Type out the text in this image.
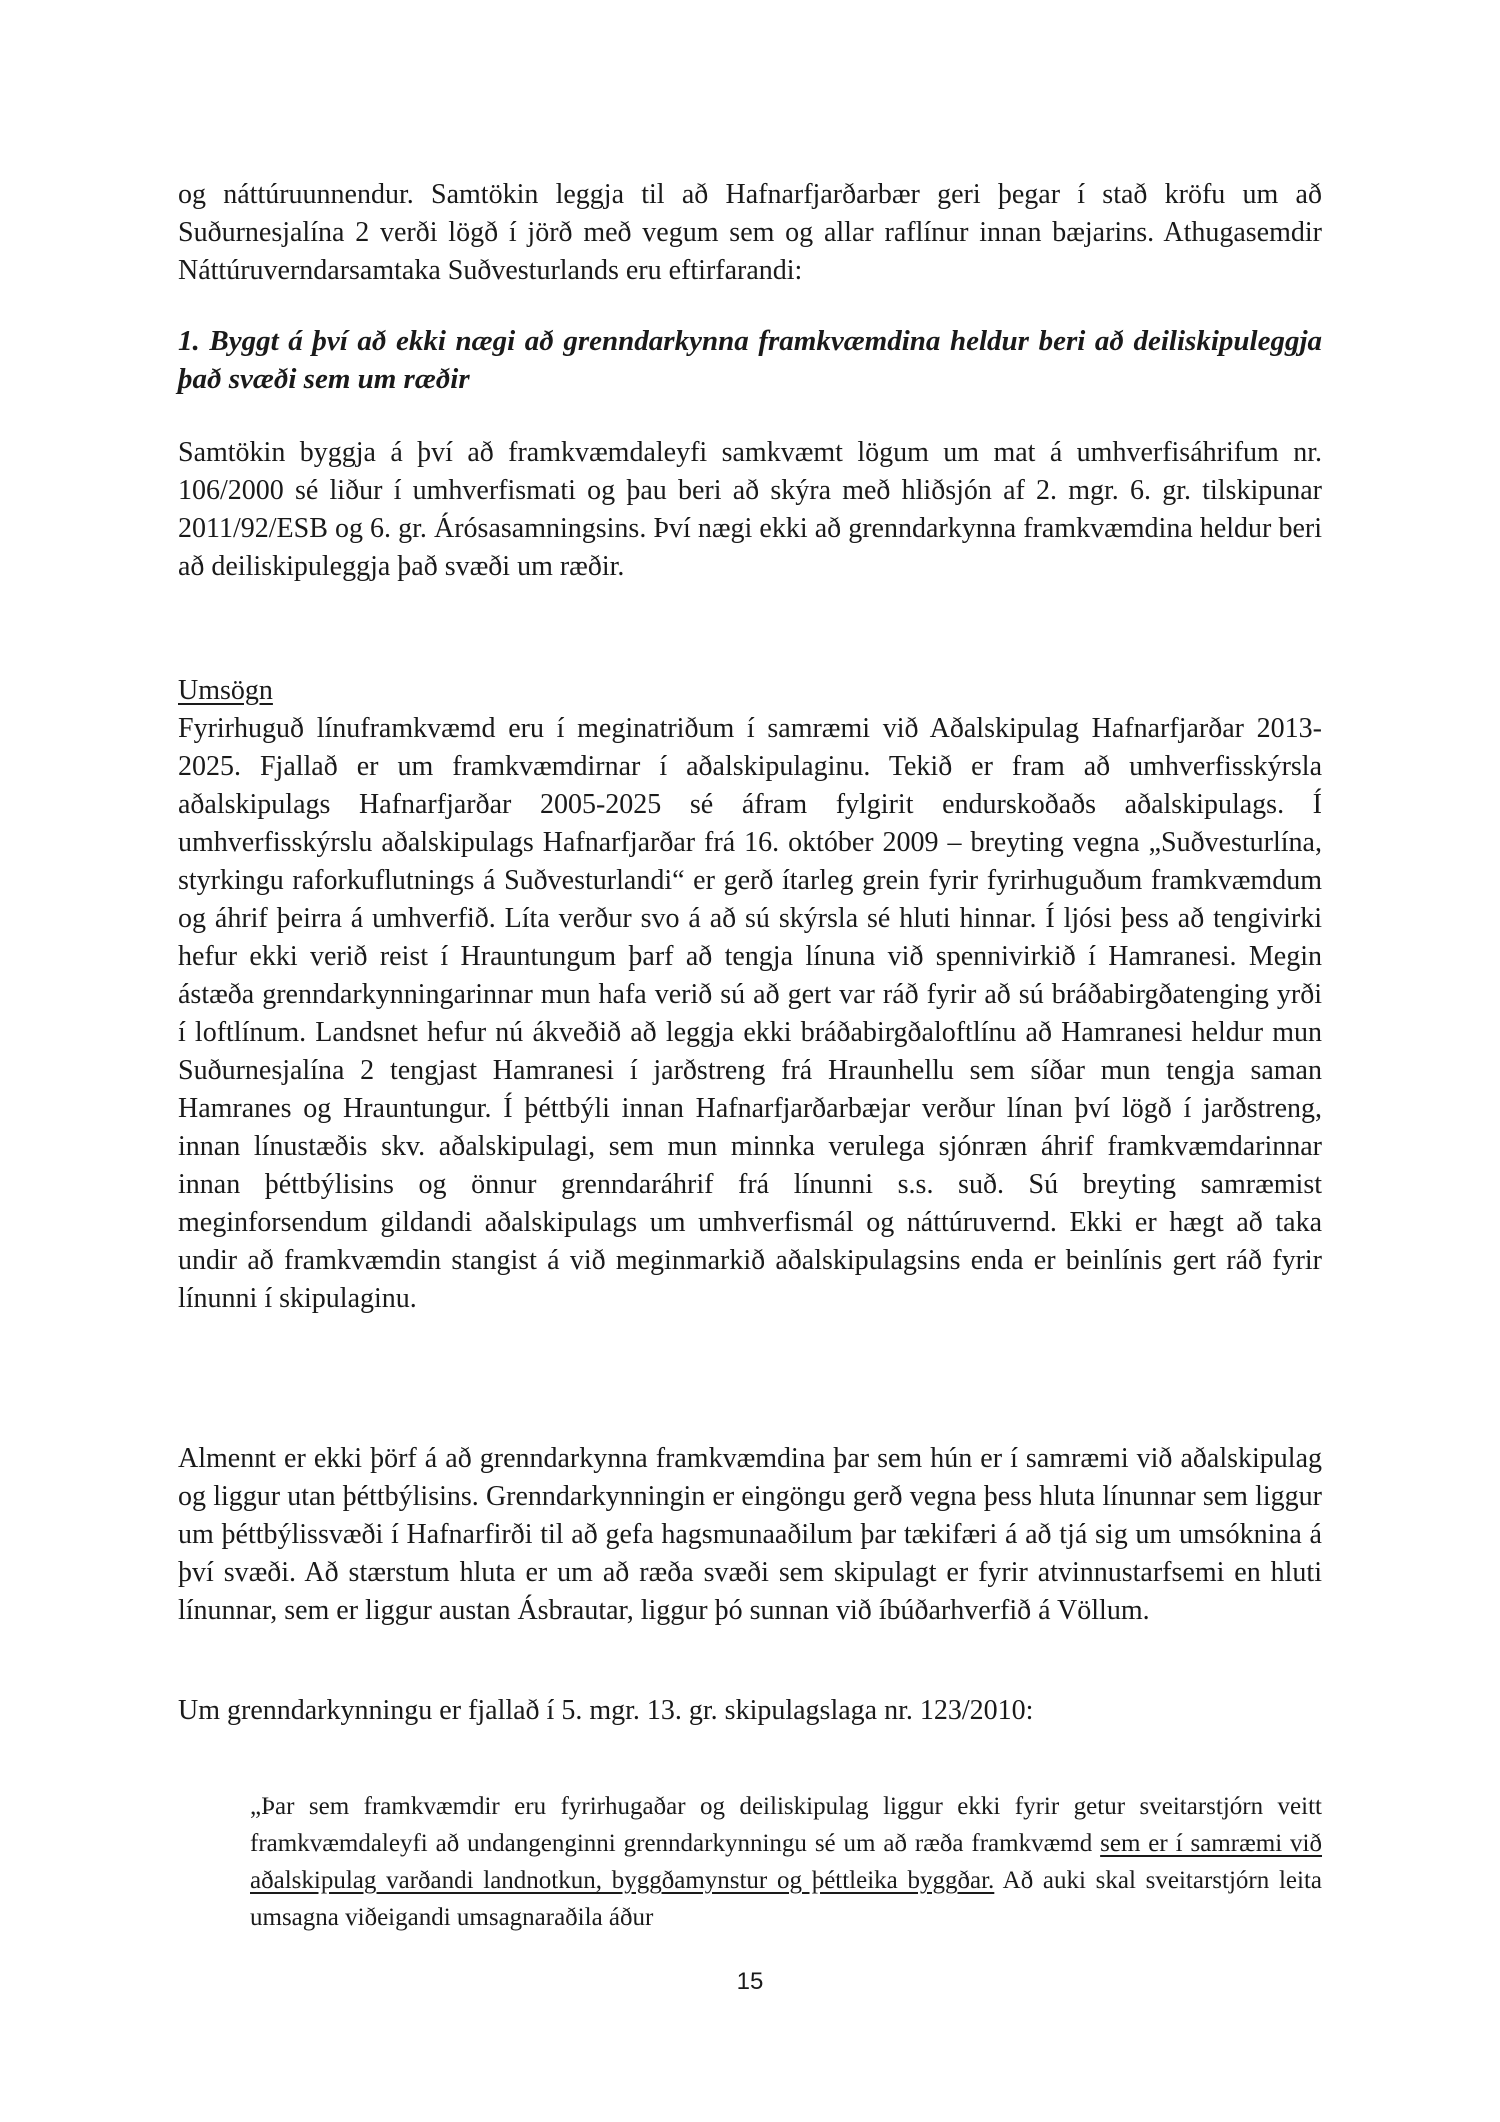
og náttúruunnendur. Samtökin leggja til að Hafnarfjarðarbær geri þegar í stað kröfu um að Suðurnesjalína 2 verði lögð í jörð með vegum sem og allar raflínur innan bæjarins. Athugasemdir Náttúruverndarsamtaka Suðvesturlands eru eftirfarandi:

1. Byggt á því að ekki nægi að grenndarkynna framkvæmdina heldur beri að deiliskipuleggja það svæði sem um ræðir

Samtökin byggja á því að framkvæmdaleyfi samkvæmt lögum um mat á umhverfisáhrifum nr. 106/2000 sé liður í umhverfismati og þau beri að skýra með hliðsjón af 2. mgr. 6. gr. tilskipunar 2011/92/ESB og 6. gr. Árósasamningsins. Því nægi ekki að grenndarkynna framkvæmdina heldur beri að deiliskipuleggja það svæði um ræðir.

Umsögn

Fyrirhuguð línuframkvæmd eru í meginatriðum í samræmi við Aðalskipulag Hafnarfjarðar 2013-2025. Fjallað er um framkvæmdirnar í aðalskipulaginu. Tekið er fram að umhverfisskýrsla aðalskipulags Hafnarfjarðar 2005-2025 sé áfram fylgirit endurskoðaðs aðalskipulags. Í umhverfisskýrslu aðalskipulags Hafnarfjarðar frá 16. október 2009 – breyting vegna „Suðvesturlína, styrkingu raforkuflutnings á Suðvesturlandi“ er gerð ítarleg grein fyrir fyrirhuguðum framkvæmdum og áhrif þeirra á umhverfið. Líta verður svo á að sú skýrsla sé hluti hinnar. Í ljósi þess að tengivirki hefur ekki verið reist í Hrauntungum þarf að tengja línuna við spennivirkið í Hamranesi. Megin ástæða grenndarkynningarinnar mun hafa verið sú að gert var ráð fyrir að sú bráðabirgðatenging yrði í loftlínum. Landsnet hefur nú ákveðið að leggja ekki bráðabirgðaloftlínu að Hamranesi heldur mun Suðurnesjalína 2 tengjast Hamranesi í jarðstreng frá Hraunhellu sem síðar mun tengja saman Hamranes og Hrauntungur. Í þéttbýli innan Hafnarfjarðarbæjar verður línan því lögð í jarðstreng, innan línustæðis skv. aðalskipulagi, sem mun minnka verulega sjónræn áhrif framkvæmdarinnar innan þéttbýlisins og önnur grenndaráhrif frá línunni s.s. suð. Sú breyting samræmist meginforsendum gildandi aðalskipulags um umhverfismál og náttúruvernd. Ekki er hægt að taka undir að framkvæmdin stangist á við meginmarkið aðalskipulagsins enda er beinlínis gert ráð fyrir línunni í skipulaginu.

Almennt er ekki þörf á að grenndarkynna framkvæmdina þar sem hún er í samræmi við aðalskipulag og liggur utan þéttbýlisins. Grenndarkynningin er eingöngu gerð vegna þess hluta línunnar sem liggur um þéttbýlissvæði í Hafnarfirði til að gefa hagsmunaaðilum þar tækifæri á að tjá sig um umsóknina á því svæði. Að stærstum hluta er um að ræða svæði sem skipulagt er fyrir atvinnustarfsemi en hluti línunnar, sem er liggur austan Ásbrautar, liggur þó sunnan við íbúðarhverfið á Völlum.

Um grenndarkynningu er fjallað í 5. mgr. 13. gr. skipulagslaga nr. 123/2010:

„Þar sem framkvæmdir eru fyrirhugaðar og deiliskipulag liggur ekki fyrir getur sveitarstjórn veitt framkvæmdaleyfi að undangenginni grenndarkynningu sé um að ræða framkvæmd sem er í samræmi við aðalskipulag varðandi landnotkun, byggðamynstur og þéttleika byggðar. Að auki skal sveitarstjórn leita umsagna viðeigandi umsagnaraðila áður
15
